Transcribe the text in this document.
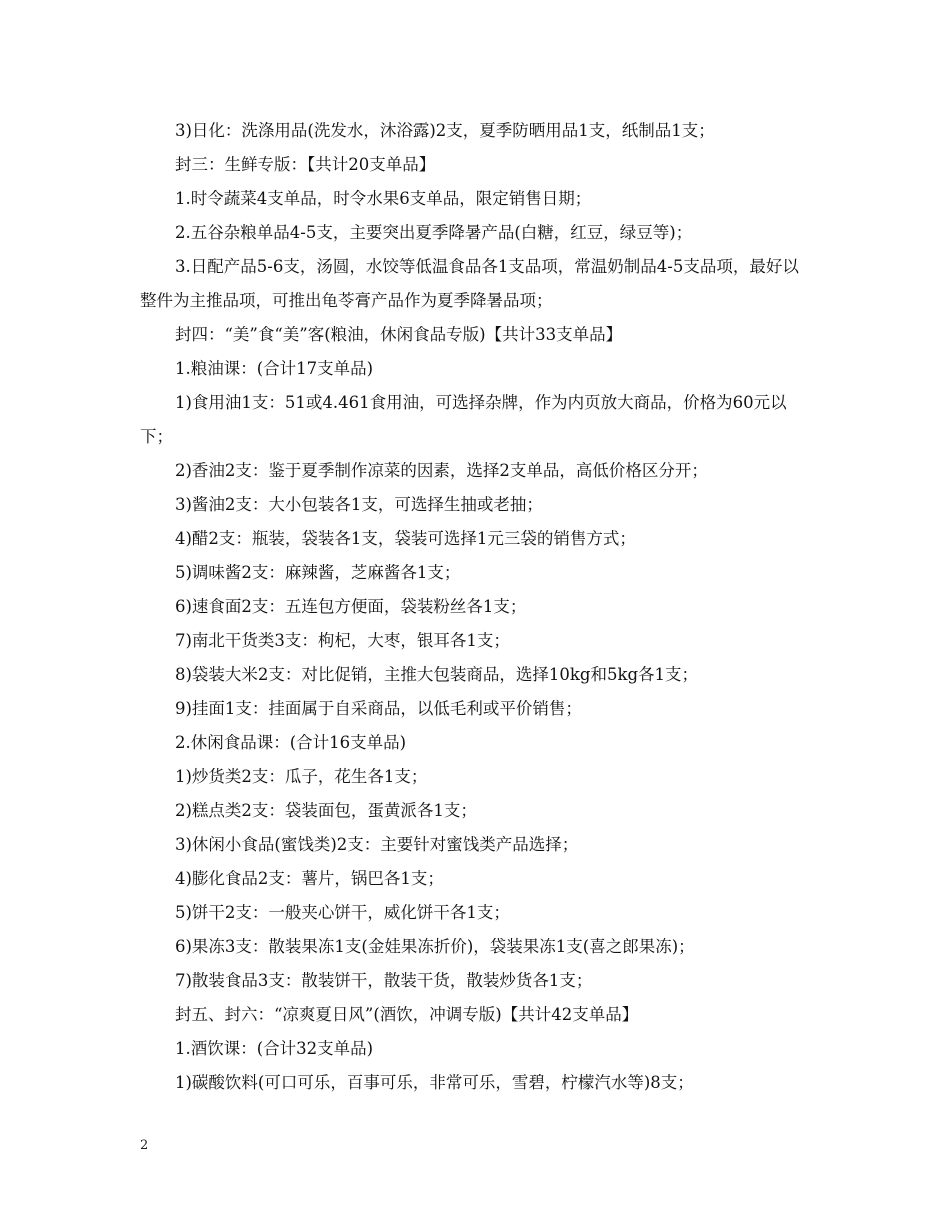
3)日化：洗涤用品(洗发水，沐浴露)2支，夏季防晒用品1支，纸制品1支；

封三：生鲜专版：【共计20支单品】

1.时令蔬菜4支单品，时令水果6支单品，限定销售日期；

2.五谷杂粮单品4-5支，主要突出夏季降暑产品(白糖，红豆，绿豆等)；

3.日配产品5-6支，汤圆，水饺等低温食品各1支品项，常温奶制品4-5支品项，最好以整件为主推品项，可推出龟苓膏产品作为夏季降暑品项；

封四：“美”食“美”客(粮油，休闲食品专版)【共计33支单品】

1.粮油课：(合计17支单品)

1)食用油1支：51或4.461食用油，可选择杂牌，作为内页放大商品，价格为60元以下；

2)香油2支：鉴于夏季制作凉菜的因素，选择2支单品，高低价格区分开；

3)酱油2支：大小包装各1支，可选择生抽或老抽；

4)醋2支：瓶装，袋装各1支，袋装可选择1元三袋的销售方式；

5)调味酱2支：麻辣酱，芝麻酱各1支；

6)速食面2支：五连包方便面，袋装粉丝各1支；

7)南北干货类3支：枸杞，大枣，银耳各1支；

8)袋装大米2支：对比促销，主推大包装商品，选择10kg和5kg各1支；

9)挂面1支：挂面属于自采商品，以低毛利或平价销售；

2.休闲食品课：(合计16支单品)

1)炒货类2支：瓜子，花生各1支；

2)糕点类2支：袋装面包，蛋黄派各1支；

3)休闲小食品(蜜饯类)2支：主要针对蜜饯类产品选择；

4)膨化食品2支：薯片，锅巴各1支；

5)饼干2支：一般夹心饼干，威化饼干各1支；

6)果冻3支：散装果冻1支(金娃果冻折价)，袋装果冻1支(喜之郎果冻)；

7)散装食品3支：散装饼干，散装干货，散装炒货各1支；

封五、封六：“凉爽夏日风”(酒饮，冲调专版)【共计42支单品】

1.酒饮课：(合计32支单品)

1)碳酸饮料(可口可乐，百事可乐，非常可乐，雪碧，柠檬汽水等)8支；

2
